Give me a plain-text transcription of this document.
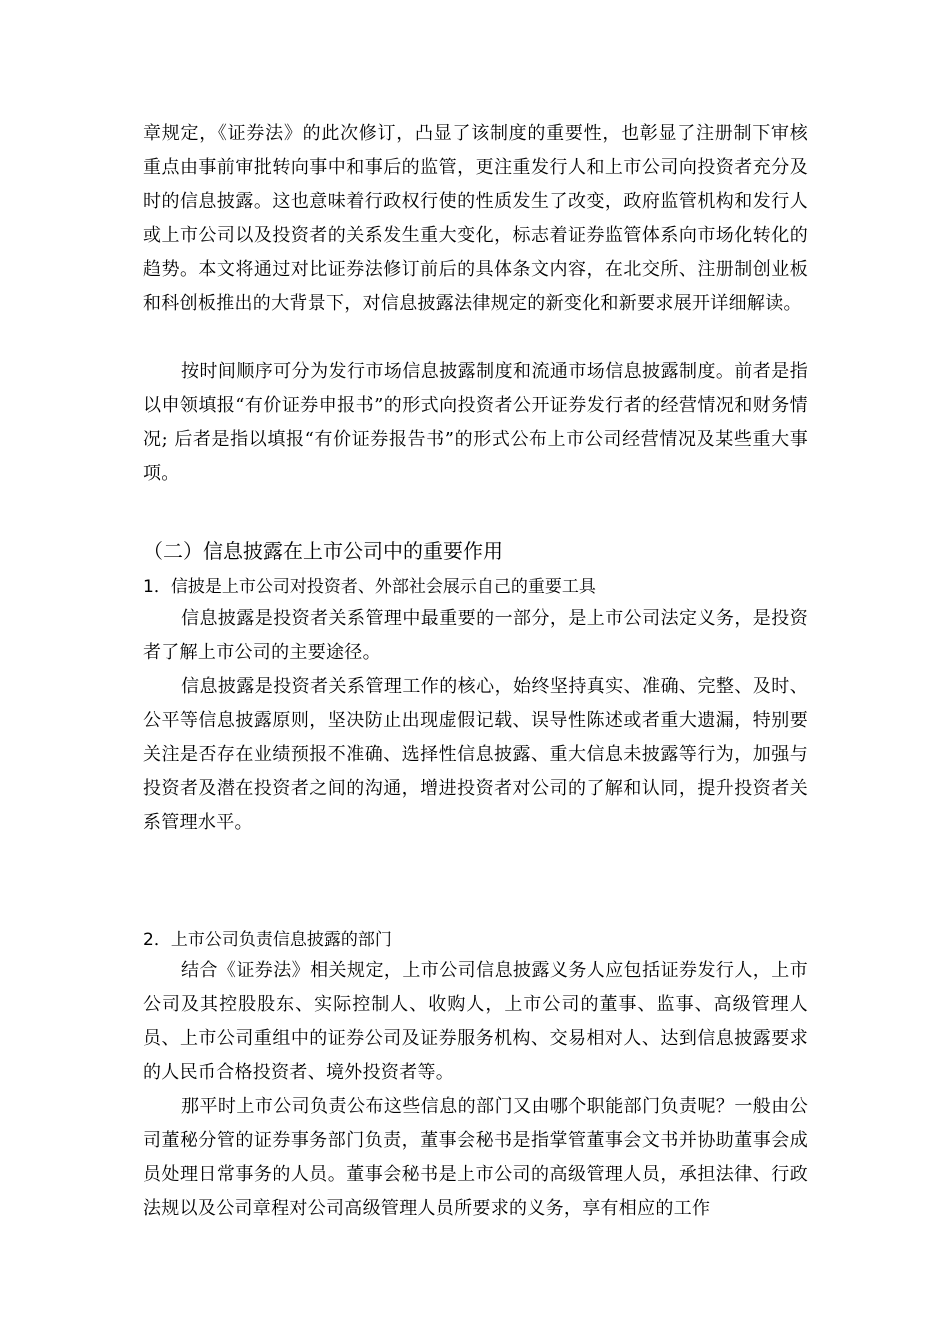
章规定，《证券法》的此次修订，凸显了该制度的重要性，也彰显了注册制下审核重点由事前审批转向事中和事后的监管，更注重发行人和上市公司向投资者充分及时的信息披露。这也意味着行政权行使的性质发生了改变，政府监管机构和发行人或上市公司以及投资者的关系发生重大变化，标志着证券监管体系向市场化转化的趋势。本文将通过对比证券法修订前后的具体条文内容，在北交所、注册制创业板和科创板推出的大背景下，对信息披露法律规定的新变化和新要求展开详细解读。

按时间顺序可分为发行市场信息披露制度和流通市场信息披露制度。前者是指以申领填报“有价证券申报书”的形式向投资者公开证券发行者的经营情况和财务情况; 后者是指以填报“有价证券报告书”的形式公布上市公司经营情况及某些重大事项。

（二）信息披露在上市公司中的重要作用
1．信披是上市公司对投资者、外部社会展示自己的重要工具

信息披露是投资者关系管理中最重要的一部分，是上市公司法定义务，是投资者了解上市公司的主要途径。

信息披露是投资者关系管理工作的核心，始终坚持真实、准确、完整、及时、公平等信息披露原则，坚决防止出现虚假记载、误导性陈述或者重大遗漏，特别要关注是否存在业绩预报不准确、选择性信息披露、重大信息未披露等行为，加强与投资者及潜在投资者之间的沟通，增进投资者对公司的了解和认同，提升投资者关系管理水平。

2．上市公司负责信息披露的部门

结合《证券法》相关规定，上市公司信息披露义务人应包括证券发行人，上市公司及其控股股东、实际控制人、收购人，上市公司的董事、监事、高级管理人员、上市公司重组中的证券公司及证券服务机构、交易相对人、达到信息披露要求的人民币合格投资者、境外投资者等。

那平时上市公司负责公布这些信息的部门又由哪个职能部门负责呢？一般由公司董秘分管的证券事务部门负责，董事会秘书是指掌管董事会文书并协助董事会成员处理日常事务的人员。董事会秘书是上市公司的高级管理人员，承担法律、行政法规以及公司章程对公司高级管理人员所要求的义务，享有相应的工作
